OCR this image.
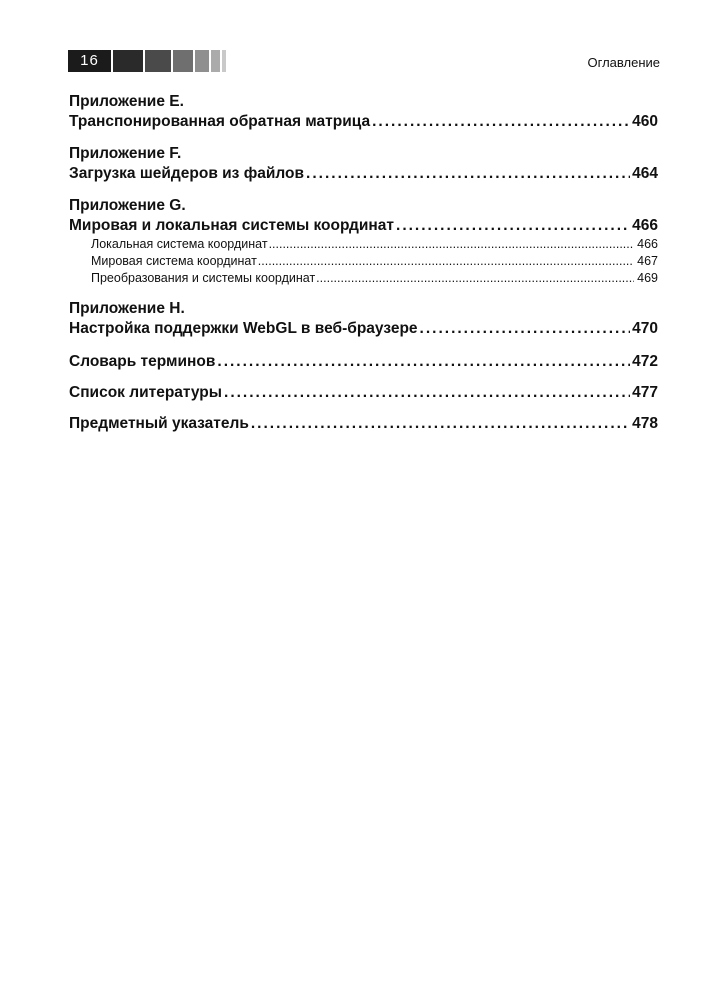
16	Оглавление
Приложение E.
Транспонированная обратная матрица .....	460
Приложение F.
Загрузка шейдеров из файлов .....	464
Приложение G.
Мировая и локальная системы координат .....	466
Локальная система координат .....	466
Мировая система координат .....	467
Преобразования и системы координат .....	469
Приложение H.
Настройка поддержки WebGL в веб-браузере .....	470
Словарь терминов .....	472
Список литературы .....	477
Предметный указатель .....	478
